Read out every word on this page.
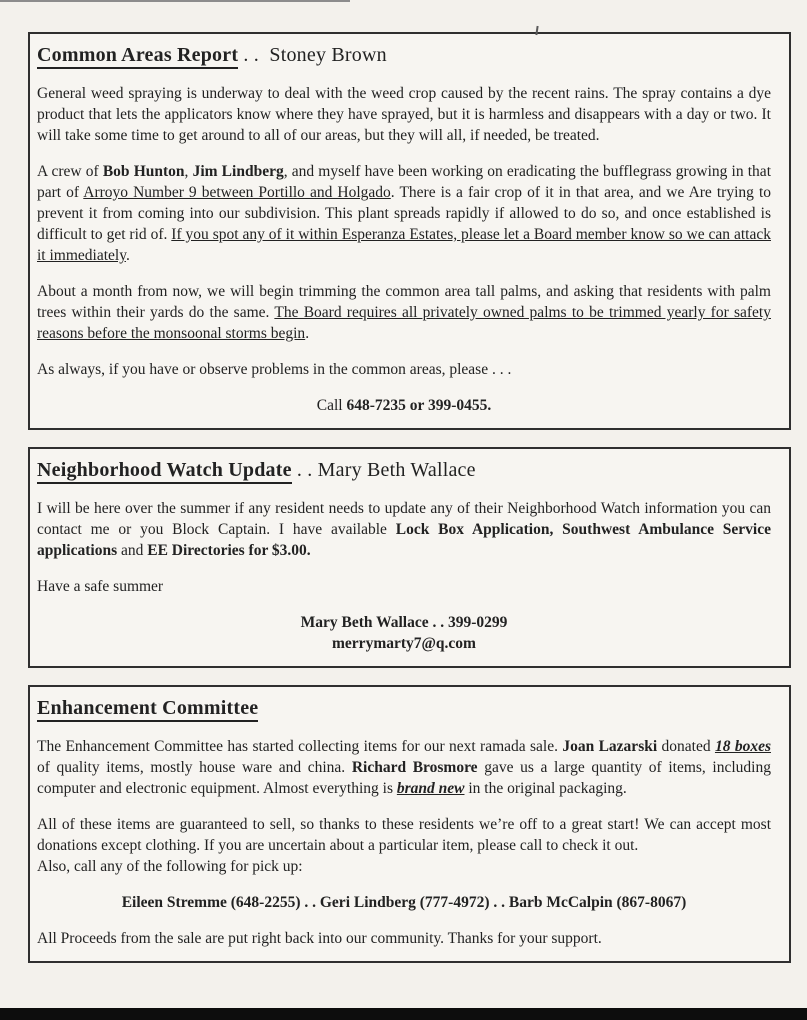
Common Areas Report . .  Stoney Brown

General weed spraying is underway to deal with the weed crop caused by the recent rains. The spray contains a dye product that lets the applicators know where they have sprayed, but it is harmless and disappears with a day or two. It will take some time to get around to all of our areas, but they will all, if needed, be treated.

A crew of Bob Hunton, Jim Lindberg, and myself have been working on eradicating the bufflegrass growing in that part of Arroyo Number 9 between Portillo and Holgado. There is a fair crop of it in that area, and we Are trying to prevent it from coming into our subdivision. This plant spreads rapidly if allowed to do so, and once established is difficult to get rid of. If you spot any of it within Esperanza Estates, please let a Board member know so we can attack it immediately.

About a month from now, we will begin trimming the common area tall palms, and asking that residents with palm trees within their yards do the same. The Board requires all privately owned palms to be trimmed yearly for safety reasons before the monsoonal storms begin.

As always, if you have or observe problems in the common areas, please . . .

Call 648-7235 or 399-0455.

Neighborhood Watch Update . . Mary Beth Wallace

I will be here over the summer if any resident needs to update any of their Neighborhood Watch information you can contact me or you Block Captain. I have available Lock Box Application, Southwest Ambulance Service applications and EE Directories for $3.00.

Have a safe summer

Mary Beth Wallace . . 399-0299

merrymarty7@q.com

Enhancement Committee

The Enhancement Committee has started collecting items for our next ramada sale. Joan Lazarski donated 18 boxes of quality items, mostly house ware and china. Richard Brosmore gave us a large quantity of items, including computer and electronic equipment. Almost everything is brand new in the original packaging.

All of these items are guaranteed to sell, so thanks to these residents we’re off to a great start! We can accept most donations except clothing. If you are uncertain about a particular item, please call to check it out.

Also, call any of the following for pick up:

Eileen Stremme (648-2255) . . Geri Lindberg (777-4972) . . Barb McCalpin (867-8067)

All Proceeds from the sale are put right back into our community. Thanks for your support.
